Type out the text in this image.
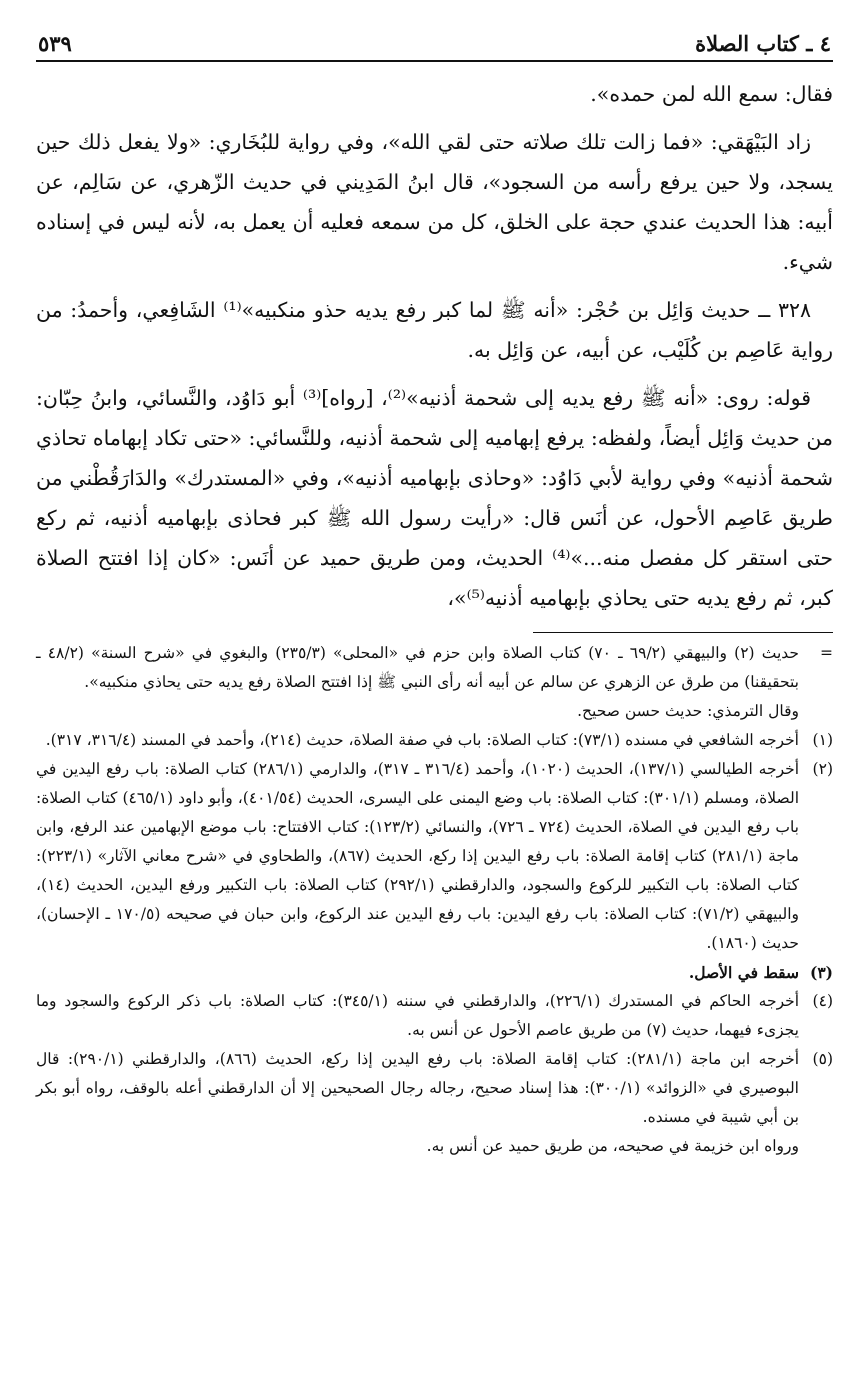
٤ ـ كتاب الصلاة
٥٣٩

فقال: سمع الله لمن حمده».

زاد البَيْهَقي: «فما زالت تلك صلاته حتى لقي الله»، وفي رواية للبُخَاري: «ولا يفعل ذلك حين يسجد، ولا حين يرفع رأسه من السجود»، قال ابنُ المَدِيني في حديث الزّهري، عن سَالِم، عن أبيه: هذا الحديث عندي حجة على الخلق، كل من سمعه فعليه أن يعمل به، لأنه ليس في إسناده شيء.

٣٢٨ ــ حديث وَائِل بن حُجْر: «أنه ﷺ لما كبر رفع يديه حذو منكبيه»⁽¹⁾ الشَافِعي، وأحمدُ: من رواية عَاصِم بن كُلَيْب، عن أبيه، عن وَائِل به.

قوله: روى: «أنه ﷺ رفع يديه إلى شحمة أذنيه»⁽²⁾، [رواه]⁽³⁾ أبو دَاوُد، والنَّسائي، وابنُ حِبّان: من حديث وَائِل أيضاً، ولفظه: يرفع إبهاميه إلى شحمة أذنيه، وللنَّسائي: «حتى تكاد إبهاماه تحاذي شحمة أذنيه» وفي رواية لأبي دَاوُد: «وحاذى بإبهاميه أذنيه»، وفي «المستدرك» والدَارَقُطْني من طريق عَاصِم الأحول، عن أنَس قال: «رأيت رسول الله ﷺ كبر فحاذى بإبهاميه أذنيه، ثم ركع حتى استقر كل مفصل منه...»⁽⁴⁾ الحديث، ومن طريق حميد عن أنَس: «كان إذا افتتح الصلاة كبر، ثم رفع يديه حتى يحاذي بإبهاميه أذنيه⁽⁵⁾»،

=
حديث (٢) والبيهقي (٦٩/٢ ـ ٧٠) كتاب الصلاة وابن حزم في «المحلى» (٢٣٥/٣) والبغوي في «شرح السنة» (٤٨/٢ ـ بتحقيقنا) من طرق عن الزهري عن سالم عن أبيه أنه رأى النبي ﷺ إذا افتتح الصلاة رفع يديه حتى يحاذي منكبيه».
وقال الترمذي: حديث حسن صحيح.
(١)
أخرجه الشافعي في مسنده (٧٣/١): كتاب الصلاة: باب في صفة الصلاة، حديث (٢١٤)، وأحمد في المسند (٣١٦/٤، ٣١٧).
(٢)
أخرجه الطيالسي (١٣٧/١)، الحديث (١٠٢٠)، وأحمد (٣١٦/٤ ـ ٣١٧)، والدارمي (٢٨٦/١) كتاب الصلاة: باب رفع اليدين في الصلاة، ومسلم (٣٠١/١): كتاب الصلاة: باب وضع اليمنى على اليسرى، الحديث (٤٠١/٥٤)، وأبو داود (٤٦٥/١) كتاب الصلاة: باب رفع اليدين في الصلاة، الحديث (٧٢٤ ـ ٧٢٦)، والنسائي (١٢٣/٢): كتاب الافتتاح: باب موضع الإبهامين عند الرفع، وابن ماجة (٢٨١/١) كتاب إقامة الصلاة: باب رفع اليدين إذا ركع، الحديث (٨٦٧)، والطحاوي في «شرح معاني الآثار» (٢٢٣/١): كتاب الصلاة: باب التكبير للركوع والسجود، والدارقطني (٢٩٢/١) كتاب الصلاة: باب التكبير ورفع اليدين، الحديث (١٤)، والبيهقي (٧١/٢): كتاب الصلاة: باب رفع اليدين: باب رفع اليدين عند الركوع، وابن حبان في صحيحه (١٧٠/٥ ـ الإحسان)، حديث (١٨٦٠).
(٣)
سقط في الأصل.
(٤)
أخرجه الحاكم في المستدرك (٢٢٦/١)، والدارقطني في سننه (٣٤٥/١): كتاب الصلاة: باب ذكر الركوع والسجود وما يجزىء فيهما، حديث (٧) من طريق عاصم الأحول عن أنس به.
(٥)
أخرجه ابن ماجة (٢٨١/١): كتاب إقامة الصلاة: باب رفع اليدين إذا ركع، الحديث (٨٦٦)، والدارقطني (٢٩٠/١): قال البوصيري في «الزوائد» (٣٠٠/١): هذا إسناد صحيح، رجاله رجال الصحيحين إلا أن الدارقطني أعله بالوقف، رواه أبو بكر بن أبي شيبة في مسنده.
ورواه ابن خزيمة في صحيحه، من طريق حميد عن أنس به.
